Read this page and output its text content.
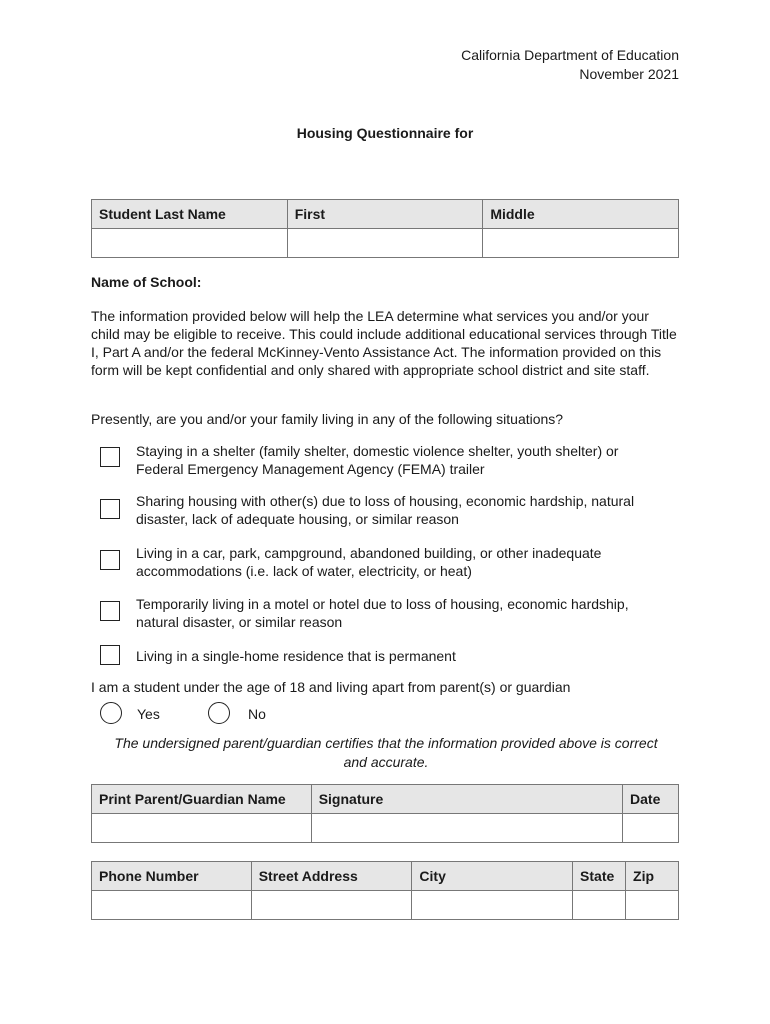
California Department of Education
November 2021
Housing Questionnaire for
Student Last Name	First	Middle

Name of School:
The information provided below will help the LEA determine what services you and/or your child may be eligible to receive. This could include additional educational services through Title I, Part A and/or the federal McKinney-Vento Assistance Act. The information provided on this form will be kept confidential and only shared with appropriate school district and site staff.
Presently, are you and/or your family living in any of the following situations?
Staying in a shelter (family shelter, domestic violence shelter, youth shelter) or
Federal Emergency Management Agency (FEMA) trailer
Sharing housing with other(s) due to loss of housing, economic hardship, natural
disaster, lack of adequate housing, or similar reason
Living in a car, park, campground, abandoned building, or other inadequate
accommodations (i.e. lack of water, electricity, or heat)
Temporarily living in a motel or hotel due to loss of housing, economic hardship,
natural disaster, or similar reason
Living in a single-home residence that is permanent
I am a student under the age of 18 and living apart from parent(s) or guardian
Yes	No
The undersigned parent/guardian certifies that the information provided above is correct
and accurate.
Print Parent/Guardian Name	Signature	Date

Phone Number	Street Address	City	State	Zip
